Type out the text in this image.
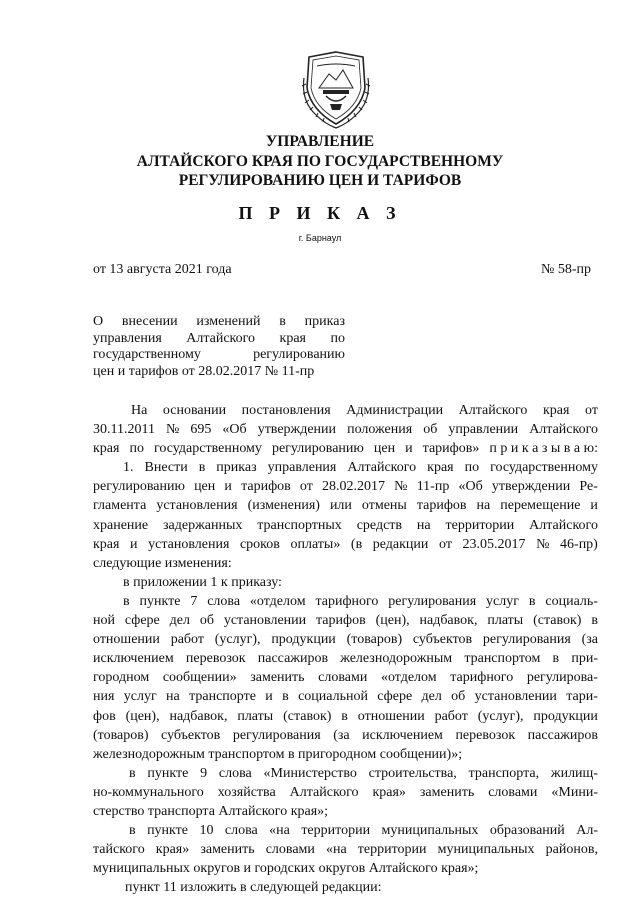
УПРАВЛЕНИЕ
АЛТАЙСКОГО КРАЯ ПО ГОСУДАРСТВЕННОМУ
РЕГУЛИРОВАНИЮ ЦЕН И ТАРИФОВ
П Р И К А З
г. Барнаул
от 13 августа 2021 года	№ 58-пр
О внесении изменений в приказ
управления Алтайского края по
государственному	регулированию
цен и тарифов от 28.02.2017 № 11-пр
На основании постановления Администрации Алтайского края от
30.11.2011 № 695 «Об утверждении положения об управлении Алтайского
края по государственному регулированию цен и тарифов» п р и к а з ы в а ю:
1. Внести в приказ управления Алтайского края по государственному
регулированию цен и тарифов от 28.02.2017 № 11-пр «Об утверждении Ре-
гламента установления (изменения) или отмены тарифов на перемещение и
хранение задержанных транспортных средств на территории Алтайского
края и установления сроков оплаты» (в редакции от 23.05.2017 № 46-пр)
следующие изменения:
в приложении 1 к приказу:
в пункте 7 слова «отделом тарифного регулирования услуг в социаль-
ной сфере дел об установлении тарифов (цен), надбавок, платы (ставок) в
отношении работ (услуг), продукции (товаров) субъектов регулирования (за
исключением перевозок пассажиров железнодорожным транспортом в при-
городном сообщении» заменить словами «отделом тарифного регулирова-
ния услуг на транспорте и в социальной сфере дел об установлении тари-
фов (цен), надбавок, платы (ставок) в отношении работ (услуг), продукции
(товаров) субъектов регулирования (за исключением перевозок пассажиров
железнодорожным транспортом в пригородном сообщении)»;
в пункте 9 слова «Министерство строительства, транспорта, жилищ-
но-коммунального хозяйства Алтайского края» заменить словами «Мини-
стерство транспорта Алтайского края»;
в пункте 10 слова «на территории муниципальных образований Ал-
тайского края» заменить словами «на территории муниципальных районов,
муниципальных округов и городских округов Алтайского края»;
пункт 11 изложить в следующей редакции:
